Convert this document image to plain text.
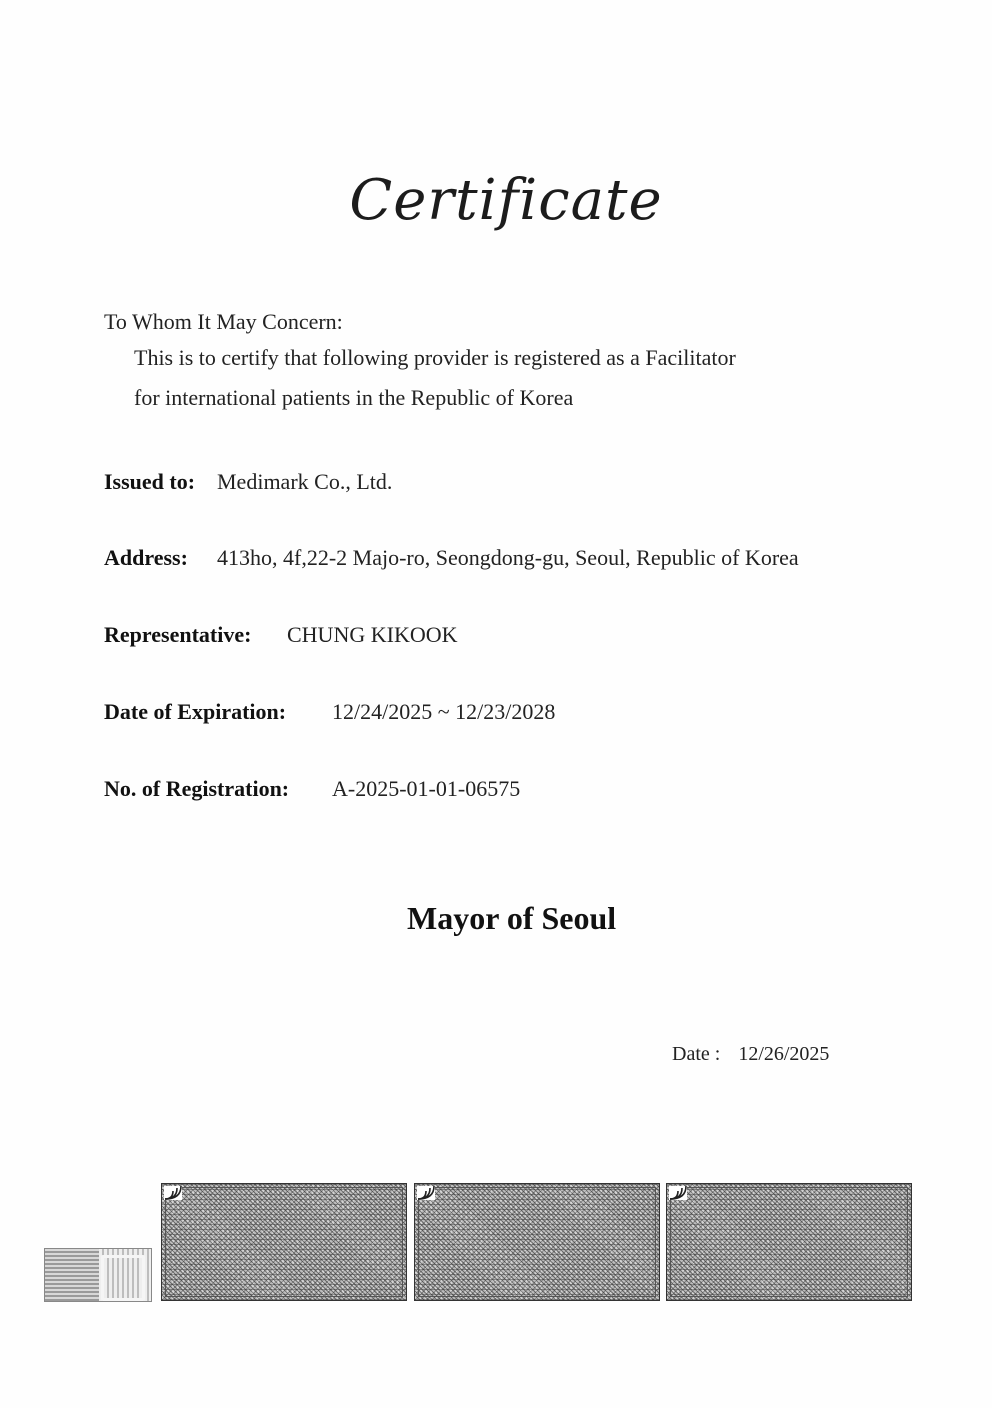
Certificate
To Whom It May Concern:
This is to certify that following provider is registered as a Facilitator
for international patients in the Republic of Korea
Issued to: Medimark Co., Ltd.
Address: 413ho, 4f,22-2 Majo-ro, Seongdong-gu, Seoul, Republic of Korea
Representative: CHUNG KIKOOK
Date of Expiration: 12/24/2025 ~ 12/23/2028
No. of Registration: A-2025-01-01-06575
Mayor of Seoul
Date : 12/26/2025
